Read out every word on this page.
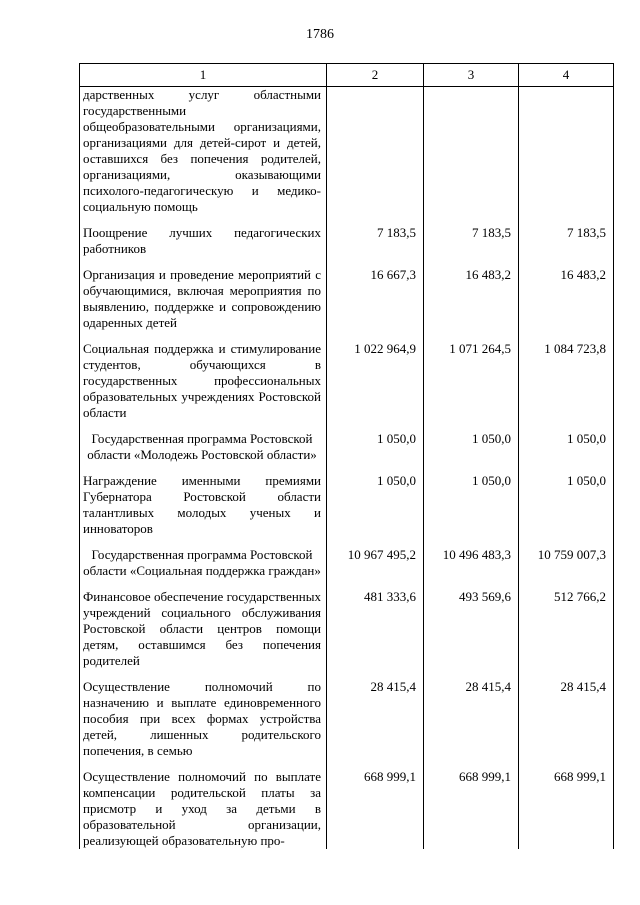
1786
1	2	3	4
дарственных услуг областными государственными общеобразовательными организациями, организациями для детей-сирот и детей, оставшихся без попечения родителей, организациями, оказывающими психолого-педагогическую и медико-социальную помощь			
Поощрение лучших педагогических работников	7 183,5	7 183,5	7 183,5
Организация и проведение мероприятий с обучающимися, включая мероприятия по выявлению, поддержке и сопровождению одаренных детей	16 667,3	16 483,2	16 483,2
Социальная поддержка и стимулирование студентов, обучающихся в государственных профессиональных образовательных учреждениях Ростовской области	1 022 964,9	1 071 264,5	1 084 723,8
Государственная программа Ростовской области «Молодежь Ростовской области»	1 050,0	1 050,0	1 050,0
Награждение именными премиями Губернатора Ростовской области талантливых молодых ученых и инноваторов	1 050,0	1 050,0	1 050,0
Государственная программа Ростовской области «Социальная поддержка граждан»	10 967 495,2	10 496 483,3	10 759 007,3
Финансовое обеспечение государственных учреждений социального обслуживания Ростовской области центров помощи детям, оставшимся без попечения родителей	481 333,6	493 569,6	512 766,2
Осуществление полномочий по назначению и выплате единовременного пособия при всех формах устройства детей, лишенных родительского попечения, в семью	28 415,4	28 415,4	28 415,4
Осуществление полномочий по выплате компенсации родительской платы за присмотр и уход за детьми в образовательной организации, реализующей образовательную про-	668 999,1	668 999,1	668 999,1
